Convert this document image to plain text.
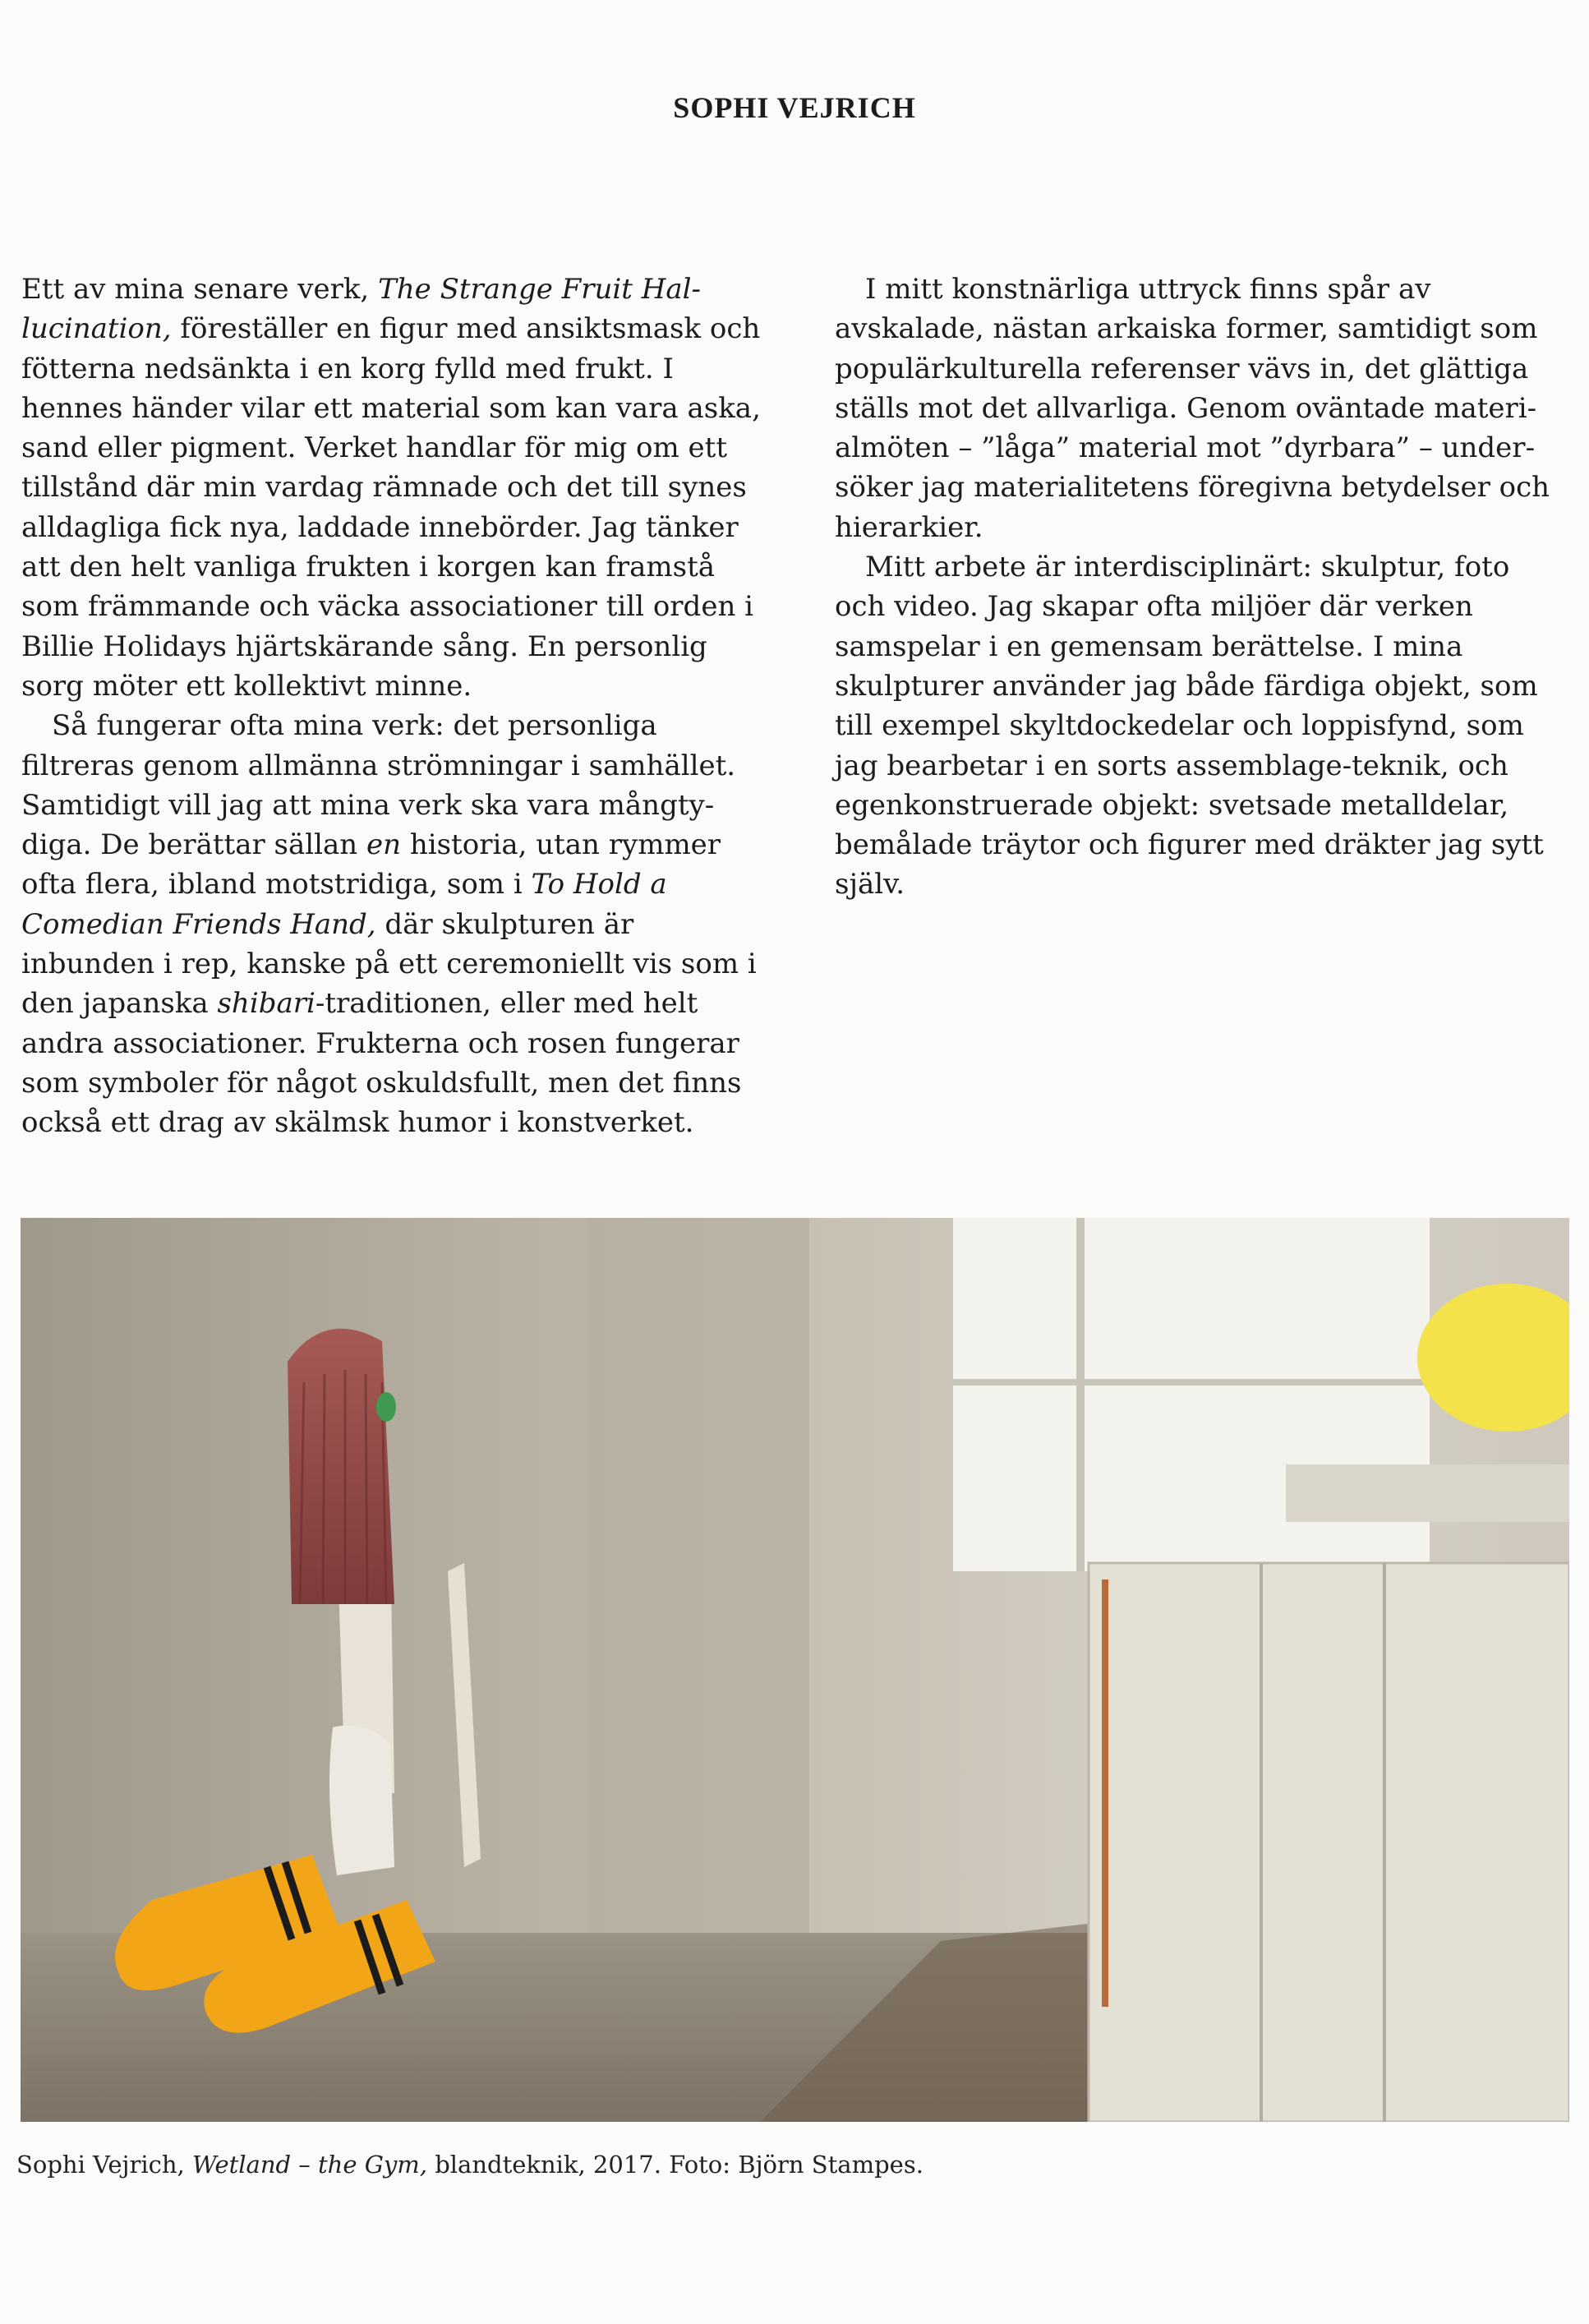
SOPHI VEJRICH

Ett av mina senare verk, The Strange Fruit Hallucination, föreställer en figur med ansiktsmask och fötterna nedsänkta i en korg fylld med frukt. I hennes händer vilar ett material som kan vara aska, sand eller pigment. Verket handlar för mig om ett tillstånd där min vardag rämnade och det till synes alldagliga fick nya, laddade innebörder. Jag tänker att den helt vanliga frukten i korgen kan framstå som främmande och väcka associationer till orden i Billie Holidays hjärtskärande sång. En personlig sorg möter ett kollektivt minne.

Så fungerar ofta mina verk: det personliga filtreras genom allmänna strömningar i samhället. Samtidigt vill jag att mina verk ska vara mångtydiga. De berättar sällan en historia, utan rymmer ofta flera, ibland motstridiga, som i To Hold a Comedian Friends Hand, där skulpturen är inbunden i rep, kanske på ett ceremoniellt vis som i den japanska shibari-traditionen, eller med helt andra associationer. Frukterna och rosen fungerar som symboler för något oskuldsfullt, men det finns också ett drag av skälmsk humor i konstverket.

I mitt konstnärliga uttryck finns spår av avskalade, nästan arkaiska former, samtidigt som populärkulturella referenser vävs in, det glättiga ställs mot det allvarliga. Genom oväntade materialmöten – ”låga” material mot ”dyrbara” – undersöker jag materialitetens föregivna betydelser och hierarkier.

Mitt arbete är interdisciplinärt: skulptur, foto och video. Jag skapar ofta miljöer där verken samspelar i en gemensam berättelse. I mina skulpturer använder jag både färdiga objekt, som till exempel skyltdockedelar och loppisfynd, som jag bearbetar i en sorts assemblage-teknik, och egenkonstruerade objekt: svetsade metalldelar, bemålade träytor och figurer med dräkter jag sytt själv.

Sophi Vejrich, Wetland – the Gym, blandteknik, 2017. Foto: Björn Stampes.
